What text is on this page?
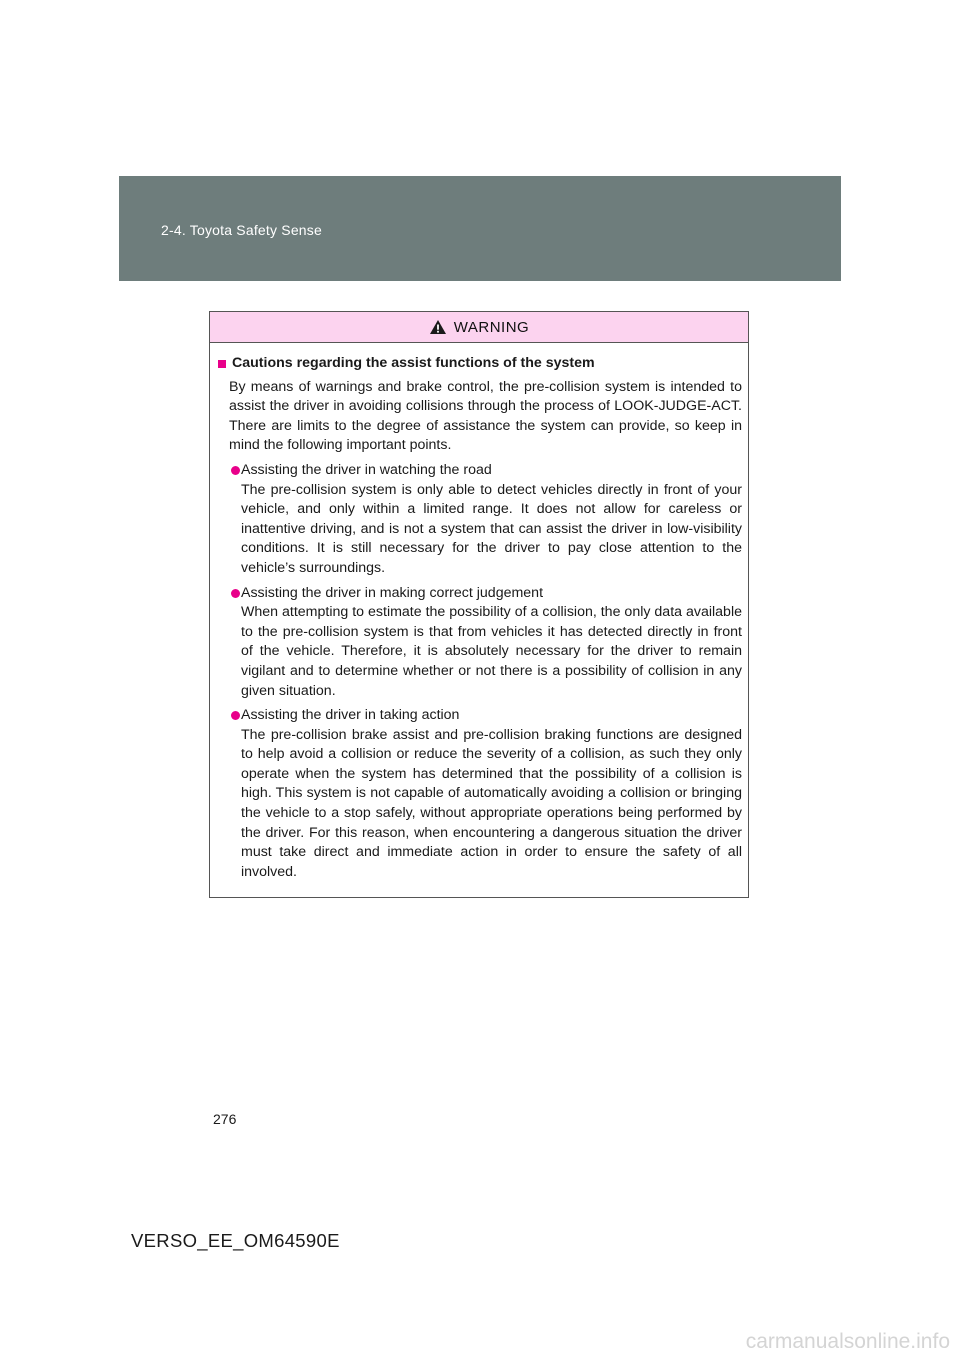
2-4. Toyota Safety Sense
WARNING
Cautions regarding the assist functions of the system

By means of warnings and brake control, the pre-collision system is intended to assist the driver in avoiding collisions through the process of LOOK-JUDGE-ACT. There are limits to the degree of assistance the system can provide, so keep in mind the following important points.

Assisting the driver in watching the road
The pre-collision system is only able to detect vehicles directly in front of your vehicle, and only within a limited range. It does not allow for careless or inattentive driving, and is not a system that can assist the driver in low-visibility conditions. It is still necessary for the driver to pay close attention to the vehicle’s surroundings.
Assisting the driver in making correct judgement
When attempting to estimate the possibility of a collision, the only data available to the pre-collision system is that from vehicles it has detected directly in front of the vehicle. Therefore, it is absolutely necessary for the driver to remain vigilant and to determine whether or not there is a possibility of collision in any given situation.
Assisting the driver in taking action
The pre-collision brake assist and pre-collision braking functions are designed to help avoid a collision or reduce the severity of a collision, as such they only operate when the system has determined that the possibility of a collision is high. This system is not capable of automatically avoiding a collision or bringing the vehicle to a stop safely, without appropriate operations being performed by the driver. For this reason, when encountering a dangerous situation the driver must take direct and immediate action in order to ensure the safety of all involved.
276
VERSO_EE_OM64590E
carmanualsonline.info
